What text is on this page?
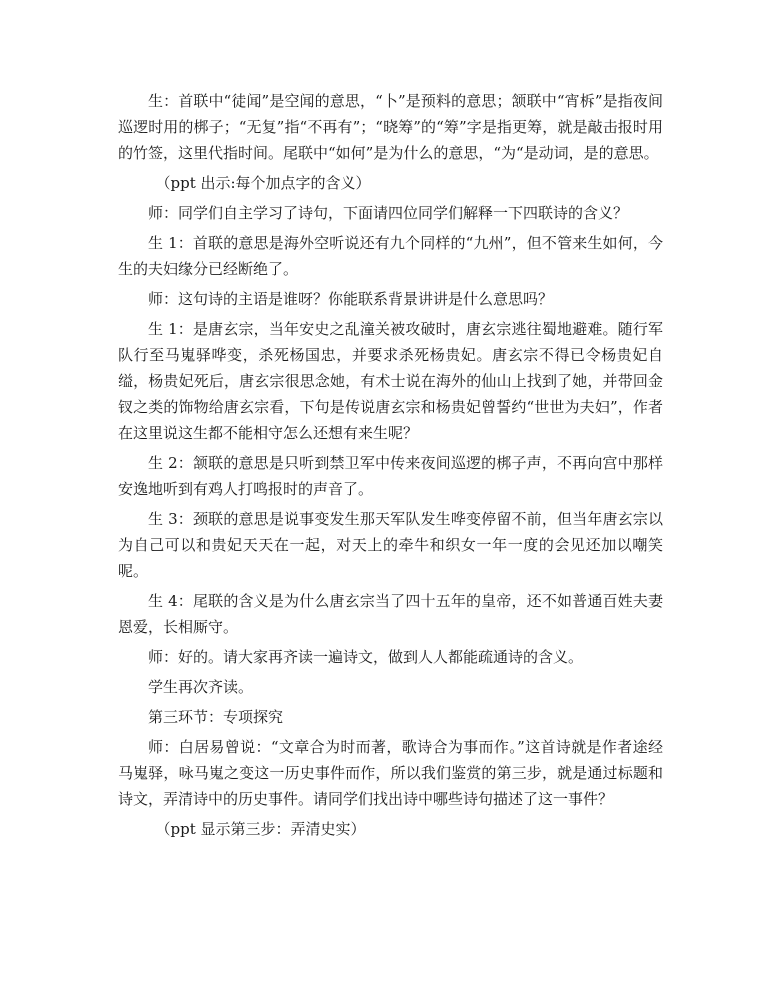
生：首联中“徒闻”是空闻的意思，“卜”是预料的意思；颔联中“宵柝”是指夜间巡逻时用的梆子；“无复”指“不再有”；“晓筹”的“筹”字是指更筹，就是敲击报时用的竹签，这里代指时间。尾联中“如何”是为什么的意思，“为“是动词，是的意思。

（ppt 出示:每个加点字的含义）

师：同学们自主学习了诗句，下面请四位同学们解释一下四联诗的含义？

生 1：首联的意思是海外空听说还有九个同样的“九州”，但不管来生如何，今生的夫妇缘分已经断绝了。

师：这句诗的主语是谁呀？你能联系背景讲讲是什么意思吗？

生 1：是唐玄宗，当年安史之乱潼关被攻破时，唐玄宗逃往蜀地避难。随行军队行至马嵬驿哗变，杀死杨国忠，并要求杀死杨贵妃。唐玄宗不得已令杨贵妃自缢，杨贵妃死后，唐玄宗很思念她，有术士说在海外的仙山上找到了她，并带回金钗之类的饰物给唐玄宗看，下句是传说唐玄宗和杨贵妃曾誓约“世世为夫妇”，作者在这里说这生都不能相守怎么还想有来生呢？

生 2：颔联的意思是只听到禁卫军中传来夜间巡逻的梆子声，不再向宫中那样安逸地听到有鸡人打鸣报时的声音了。

生 3：颈联的意思是说事变发生那天军队发生哗变停留不前，但当年唐玄宗以为自己可以和贵妃天天在一起，对天上的牵牛和织女一年一度的会见还加以嘲笑呢。

生 4：尾联的含义是为什么唐玄宗当了四十五年的皇帝，还不如普通百姓夫妻恩爱，长相厮守。

师：好的。请大家再齐读一遍诗文，做到人人都能疏通诗的含义。

学生再次齐读。

第三环节：专项探究

师：白居易曾说：“文章合为时而著，歌诗合为事而作。”这首诗就是作者途经马嵬驿，咏马嵬之变这一历史事件而作，所以我们鉴赏的第三步，就是通过标题和诗文，弄清诗中的历史事件。请同学们找出诗中哪些诗句描述了这一事件？

（ppt 显示第三步：弄清史实）
